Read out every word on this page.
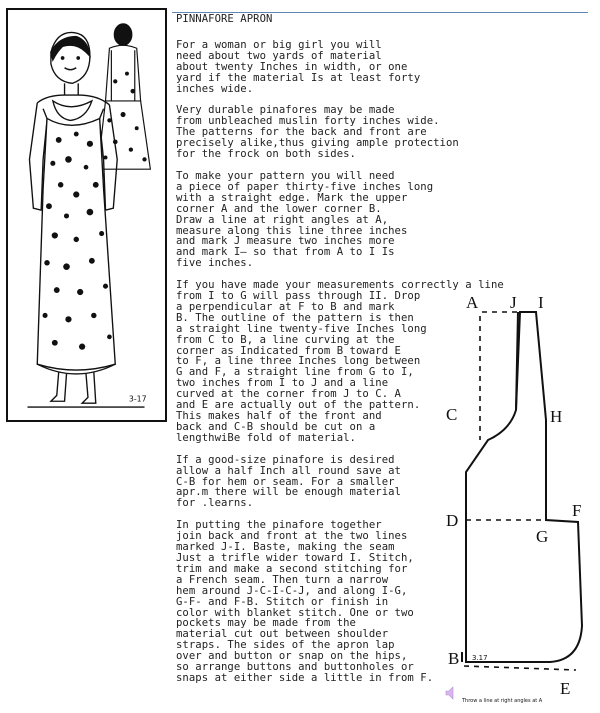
3-17
PINNAFORE APRON

For a woman or big girl you will
need about two yards of material
about twenty Inches in width, or one
yard if the material Is at least forty
inches wide.

Very durable pinafores may be made
from unbleached muslin forty inches wide.
The patterns for the back and front are
precisely alike,thus giving ample protection
for the frock on both sides.

To make your pattern you will need
a piece of paper thirty-five inches long
with a straight edge. Mark the upper
corner A and the lower corner B.
Draw a line at right angles at A,
measure along this line three inches
and mark J measure two inches more
and mark I— so that from A to I Is
five inches.

If you have made your measurements correctly a line
from I to G will pass through II. Drop
a perpendicular at F to B and mark
B. The outline of the pattern is then
a straight line twenty-five Inches long
from C to B, a line curving at the
corner as Indicated from B toward E
to F, a line three Inches long between
G and F, a straight line from G to I,
two inches from I to J and a line
curved at the corner from J to C. A
and E are actually out of the pattern.
This makes half of the front and
back and C-B should be cut on a
lengthwiBe fold of material.

If a good-size pinafore is desired
allow a half Inch all round save at
C-B for hem or seam. For a smaller
apr.m there will be enough material
for .learns.

In putting the pinafore together
join back and front at the two lines
marked J-I. Baste, making the seam
Just a trifle wider toward I. Stitch,
trim and make a second stitching for
a French seam. Then turn a narrow
hem around J-C-I-C-J, and along I-G,
G-F- and F-B. Stitch or finish in
color with blanket stitch. One or two
pockets may be made from the
material cut out between shoulder
straps. The sides of the apron lap
over and button or snap on the hips,
so arrange buttons and buttonholes or
snaps at either side a little in from F.

A J I
C	H
D
F
G
B
E
3.17
Throw a line at right angles at A
